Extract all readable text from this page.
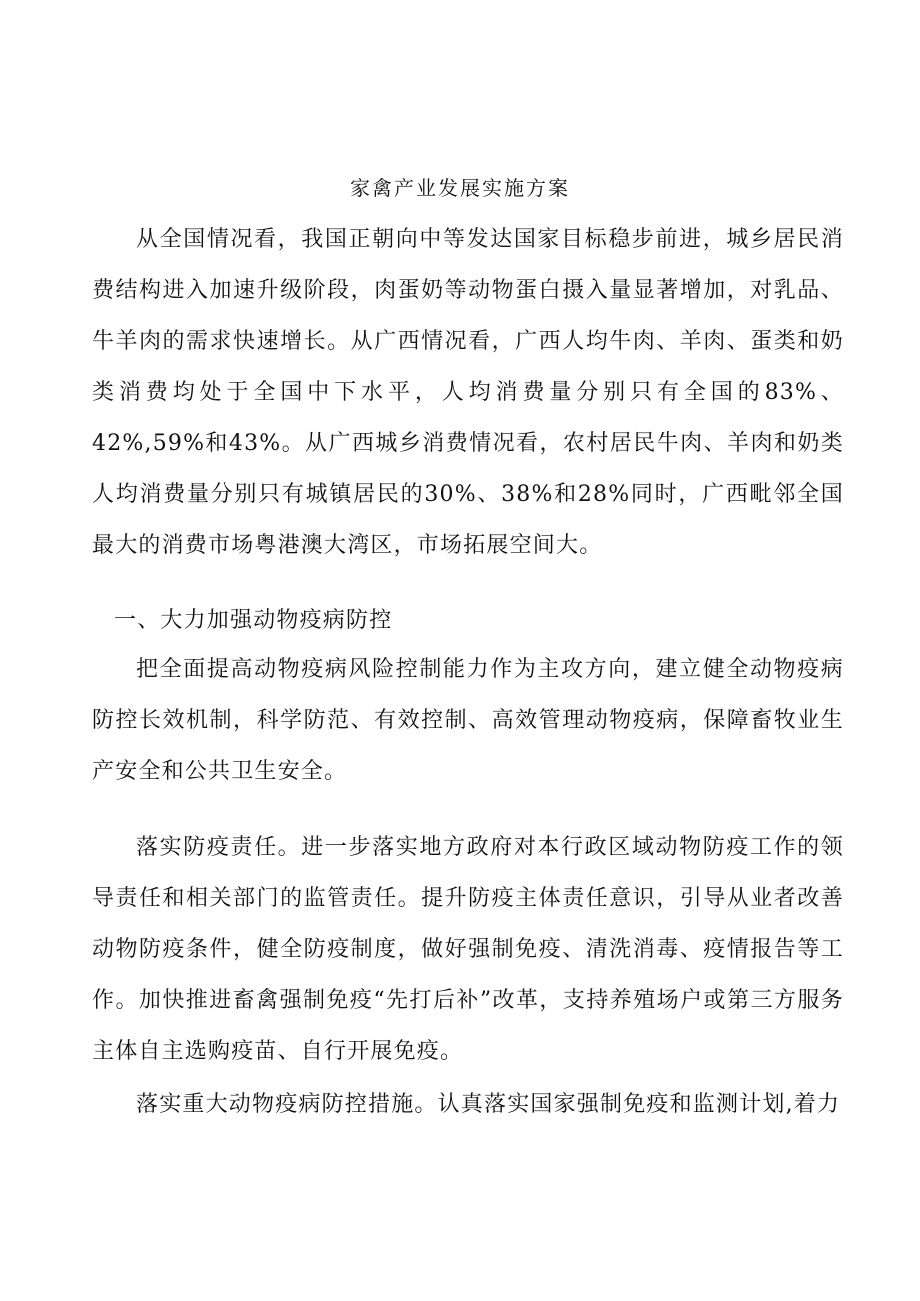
家禽产业发展实施方案

从全国情况看，我国正朝向中等发达国家目标稳步前进，城乡居民消费结构进入加速升级阶段，肉蛋奶等动物蛋白摄入量显著增加，对乳品、牛羊肉的需求快速增长。从广西情况看，广西人均牛肉、羊肉、蛋类和奶类消费均处于全国中下水平，人均消费量分别只有全国的83%、42%,59%和43%。从广西城乡消费情况看，农村居民牛肉、羊肉和奶类人均消费量分别只有城镇居民的30%、38%和28%同时，广西毗邻全国最大的消费市场粤港澳大湾区，市场拓展空间大。

一、大力加强动物疫病防控

把全面提高动物疫病风险控制能力作为主攻方向，建立健全动物疫病防控长效机制，科学防范、有效控制、高效管理动物疫病，保障畜牧业生产安全和公共卫生安全。

落实防疫责任。进一步落实地方政府对本行政区域动物防疫工作的领导责任和相关部门的监管责任。提升防疫主体责任意识，引导从业者改善动物防疫条件，健全防疫制度，做好强制免疫、清洗消毒、疫情报告等工作。加快推进畜禽强制免疫“先打后补”改革，支持养殖场户或第三方服务主体自主选购疫苗、自行开展免疫。

落实重大动物疫病防控措施。认真落实国家强制免疫和监测计划,着力
